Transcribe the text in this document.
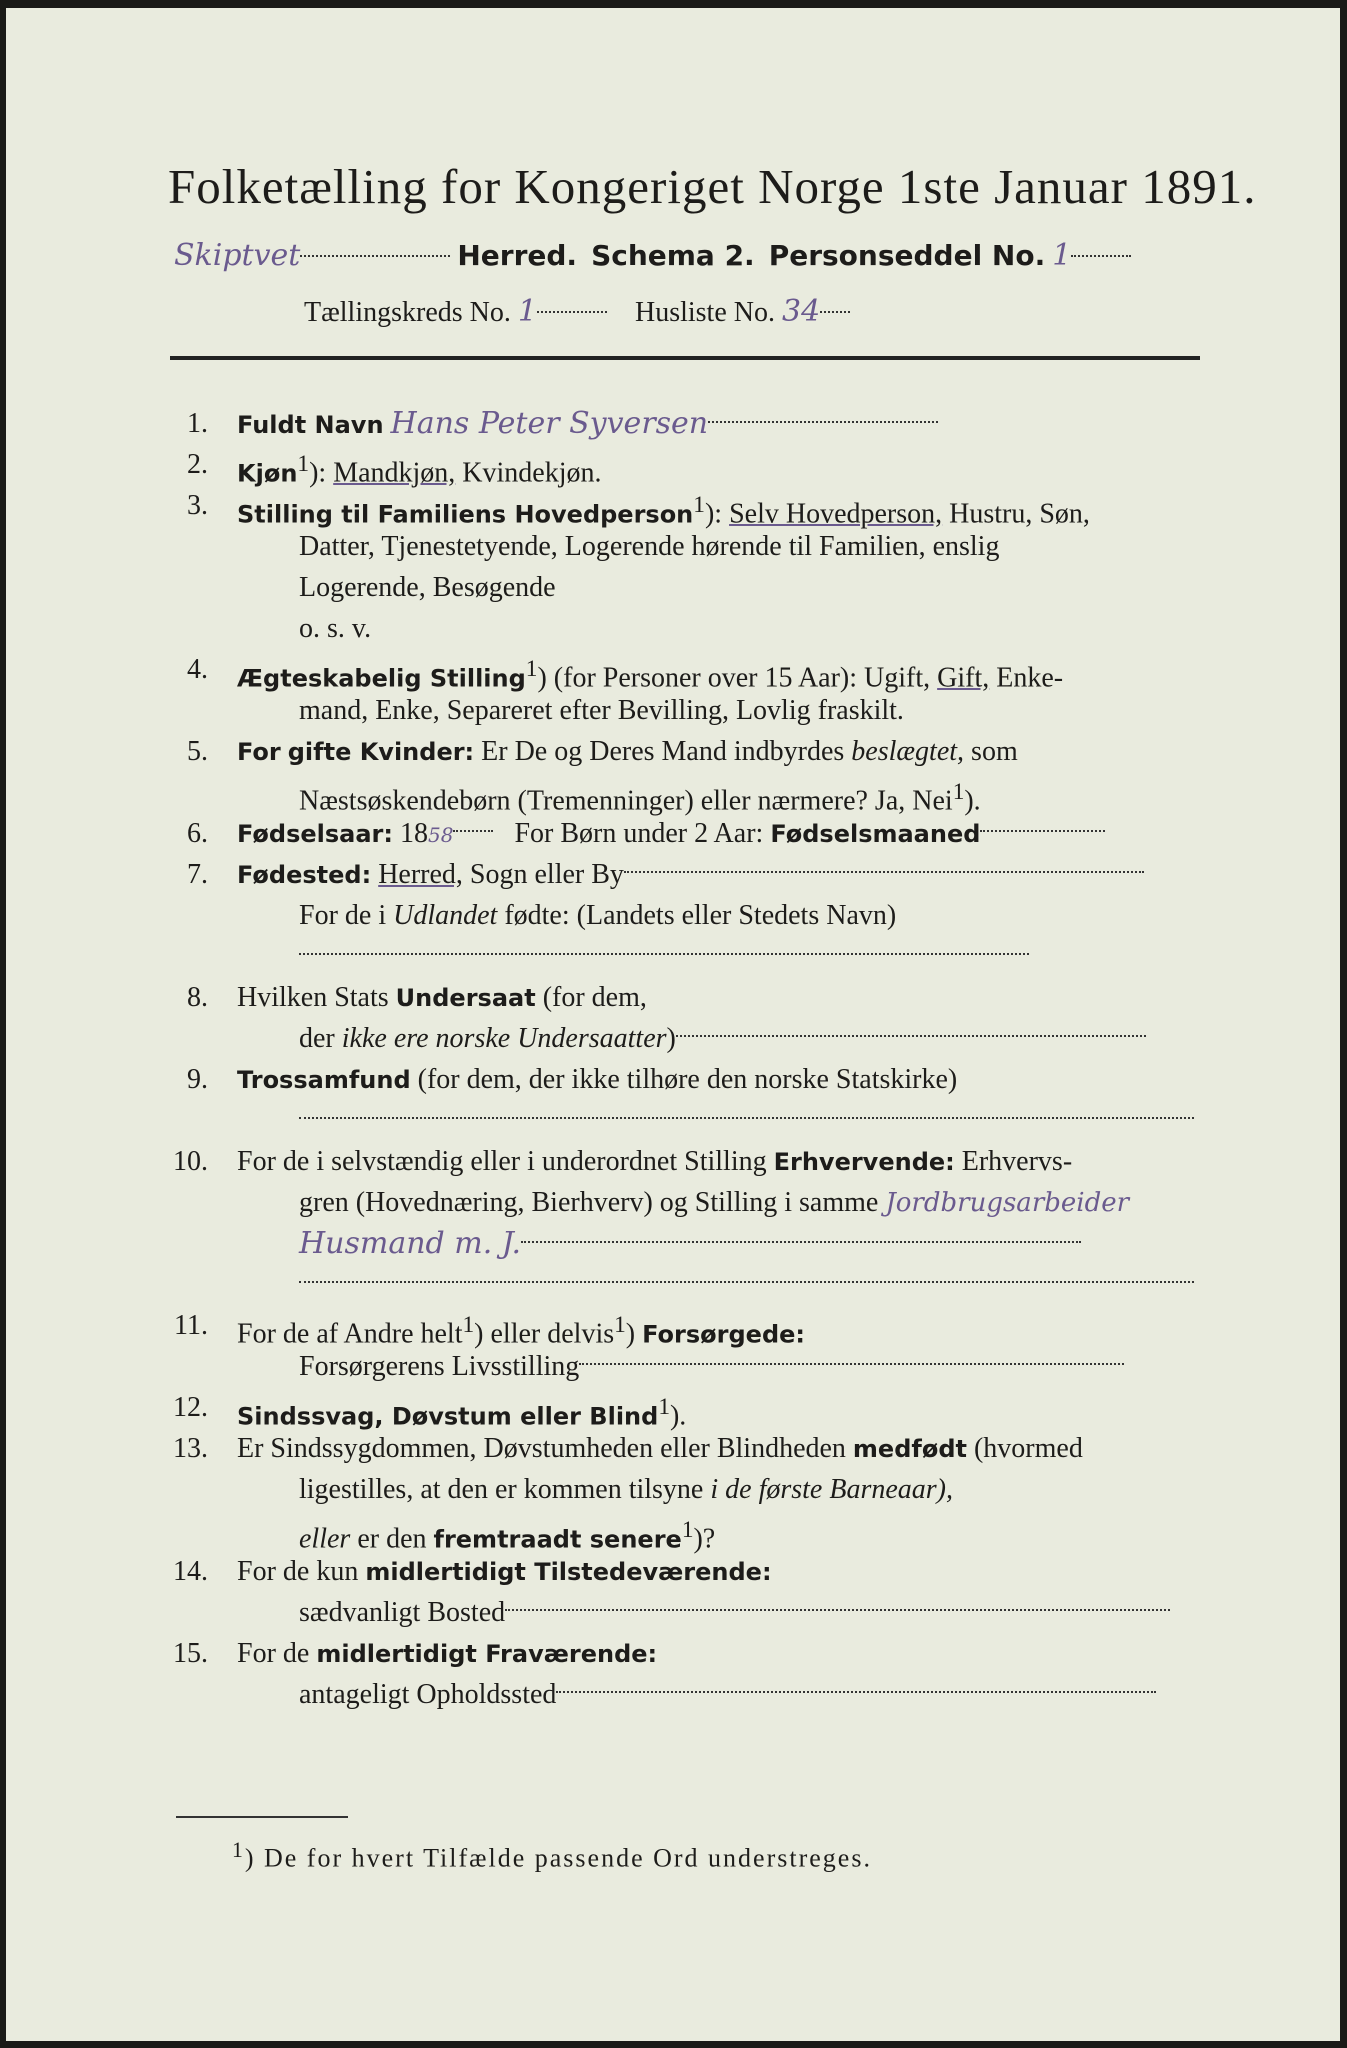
Folketælling for Kongeriget Norge 1ste Januar 1891.
Skiptvet	Herred. Schema 2. Personseddel No. 1
Tællingskreds No. 1	Husliste No. 34
1. Fuldt Navn Hans Peter Syversen
2. Kjøn$^1$): Mandkjøn, Kvindekjøn.
3. Stilling til Familiens Hovedperson$^1$): Selv Hovedperson, Hustru, Søn,
Datter, Tjenestetyende, Logerende hørende til Familien, enslig
Logerende, Besøgende
o. s. v.
4. Ægteskabelig Stilling$^1$) (for Personer over 15 Aar): Ugift, Gift, Enke-
mand, Enke, Separeret efter Bevilling, Lovlig fraskilt.
5. For gifte Kvinder: Er De og Deres Mand indbyrdes beslægtet, som
Næstsøskendebørn (Tremenninger) eller nærmere? Ja, Nei$^1$).
6. Fødselsaar: 1858 For Børn under 2 Aar: Fødselsmaaned
7. Fødested: Herred, Sogn eller By
For de i Udlandet fødte: (Landets eller Stedets Navn)
8. Hvilken Stats Undersaat (for dem,
der ikke ere norske Undersaatter)
9. Trossamfund (for dem, der ikke tilhøre den norske Statskirke)
10. For de i selvstændig eller i underordnet Stilling Erhvervende: Erhvervs-
gren (Hovednæring, Bierhverv) og Stilling i samme Jordbrugsarbeider
Husmand m. J.
11. For de af Andre helt$^1$) eller delvis$^1$) Forsørgede:
Forsørgerens Livsstilling
12. Sindssvag, Døvstum eller Blind$^1$).
13. Er Sindssygdommen, Døvstumheden eller Blindheden medfødt (hvormed
ligestilles, at den er kommen tilsyne i de første Barneaar),
eller er den fremtraadt senere$^1$)?
14. For de kun midlertidigt Tilstedeværende:
sædvanligt Bosted
15. For de midlertidigt Fraværende:
antageligt Opholdssted
$^1$) De for hvert Tilfælde passende Ord understreges.
